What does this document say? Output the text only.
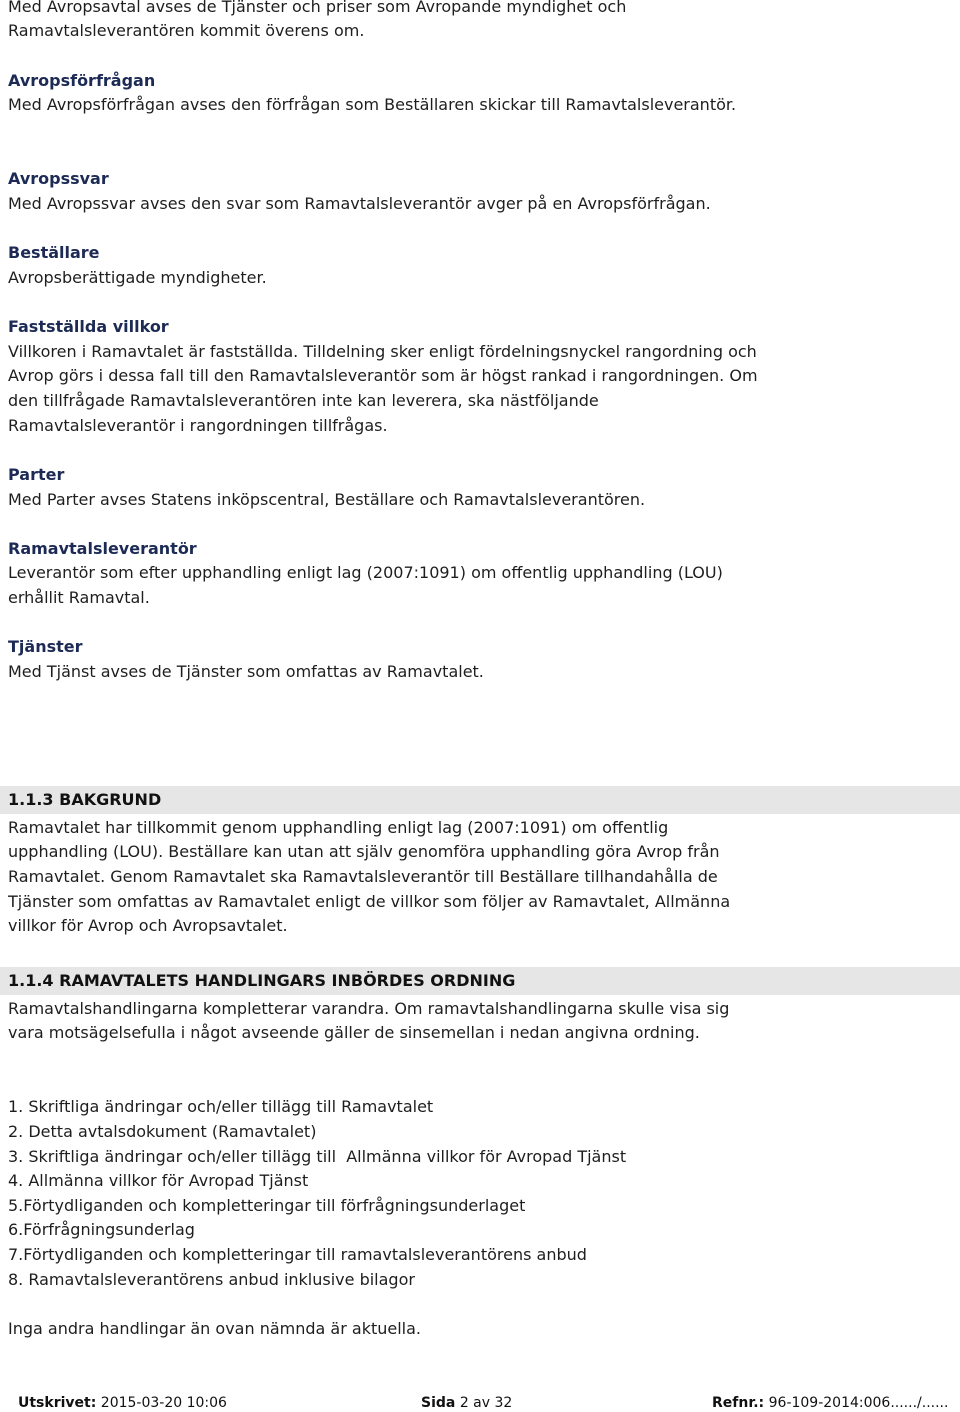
Med Avropsavtal avses de Tjänster och priser som Avropande myndighet och
Ramavtalsleverantören kommit överens om.
Avropsförfrågan
Med Avropsförfrågan avses den förfrågan som Beställaren skickar till Ramavtalsleverantör.
Avropssvar
Med Avropssvar avses den svar som Ramavtalsleverantör avger på en Avropsförfrågan.
Beställare
Avropsberättigade myndigheter.
Fastställda villkor
Villkoren i Ramavtalet är fastställda. Tilldelning sker enligt fördelningsnyckel rangordning och
Avrop görs i dessa fall till den Ramavtalsleverantör som är högst rankad i rangordningen. Om
den tillfrågade Ramavtalsleverantören inte kan leverera, ska nästföljande
Ramavtalsleverantör i rangordningen tillfrågas.
Parter
Med Parter avses Statens inköpscentral, Beställare och Ramavtalsleverantören.
Ramavtalsleverantör
Leverantör som efter upphandling enligt lag (2007:1091) om offentlig upphandling (LOU)
erhållit Ramavtal.
Tjänster
Med Tjänst avses de Tjänster som omfattas av Ramavtalet.
1.1.3 BAKGRUND
Ramavtalet har tillkommit genom upphandling enligt lag (2007:1091) om offentlig
upphandling (LOU). Beställare kan utan att själv genomföra upphandling göra Avrop från
Ramavtalet. Genom Ramavtalet ska Ramavtalsleverantör till Beställare tillhandahålla de
Tjänster som omfattas av Ramavtalet enligt de villkor som följer av Ramavtalet, Allmänna
villkor för Avrop och Avropsavtalet.
1.1.4 RAMAVTALETS HANDLINGARS INBÖRDES ORDNING
Ramavtalshandlingarna kompletterar varandra. Om ramavtalshandlingarna skulle visa sig
vara motsägelsefulla i något avseende gäller de sinsemellan i nedan angivna ordning.
1. Skriftliga ändringar och/eller tillägg till Ramavtalet
2. Detta avtalsdokument (Ramavtalet)
3. Skriftliga ändringar och/eller tillägg till  Allmänna villkor för Avropad Tjänst
4. Allmänna villkor för Avropad Tjänst
5.Förtydliganden och kompletteringar till förfrågningsunderlaget
6.Förfrågningsunderlag
7.Förtydliganden och kompletteringar till ramavtalsleverantörens anbud
8. Ramavtalsleverantörens anbud inklusive bilagor
Inga andra handlingar än ovan nämnda är aktuella.
Utskrivet: 2015-03-20 10:06	Sida 2 av 32	Refnr.: 96-109-2014:006....../......
